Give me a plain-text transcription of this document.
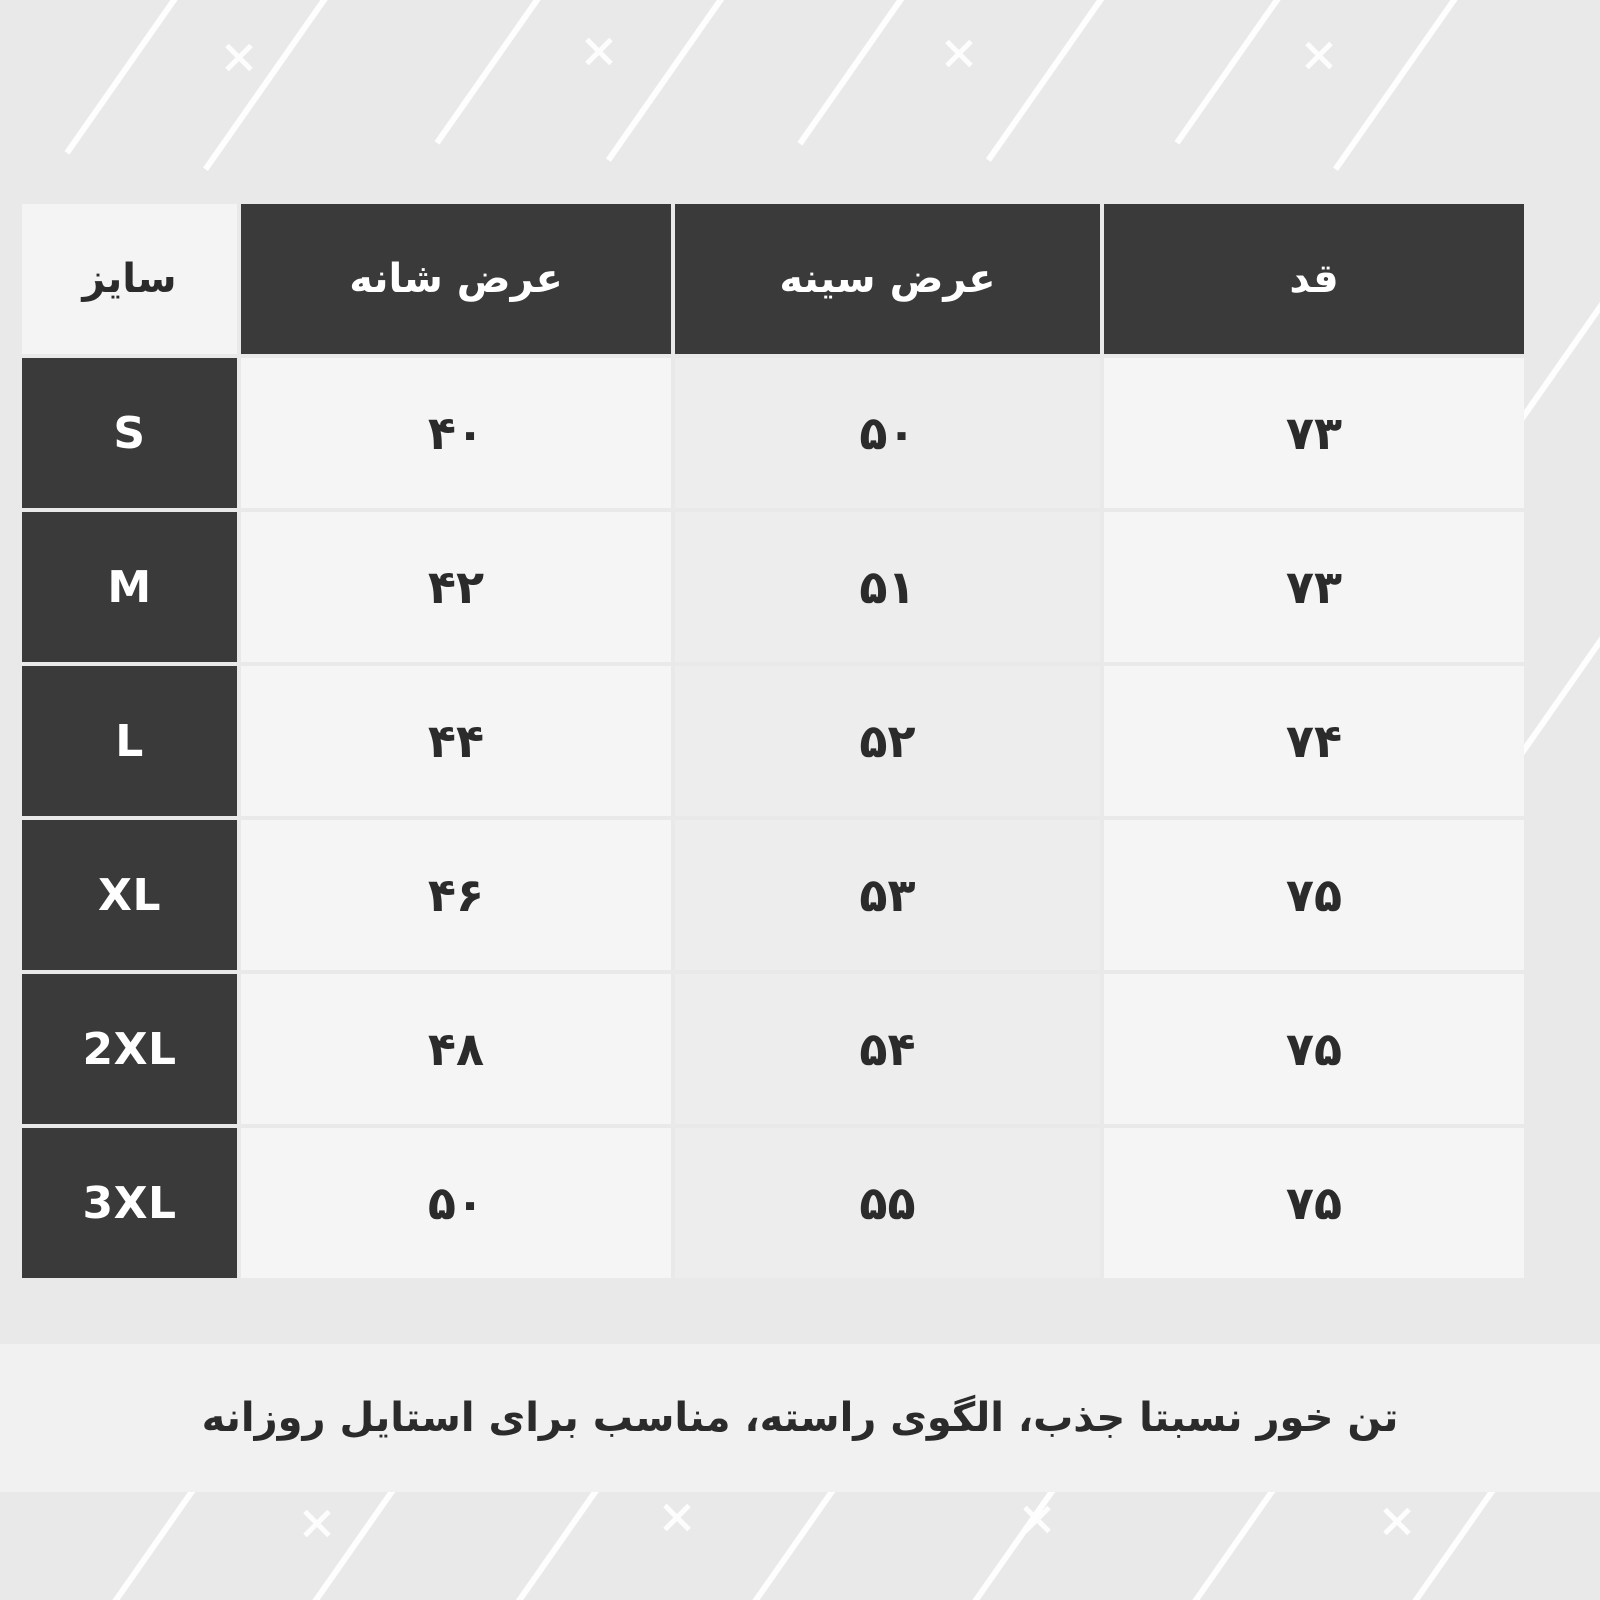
قد	عرض سینه	عرض شانه	سایز
۷۳	۵۰	۴۰	S
۷۳	۵۱	۴۲	M
۷۴	۵۲	۴۴	L
۷۵	۵۳	۴۶	XL
۷۵	۵۴	۴۸	2XL
۷۵	۵۵	۵۰	3XL
تن خور نسبتا جذب، الگوی راسته، مناسب برای استایل روزانه
